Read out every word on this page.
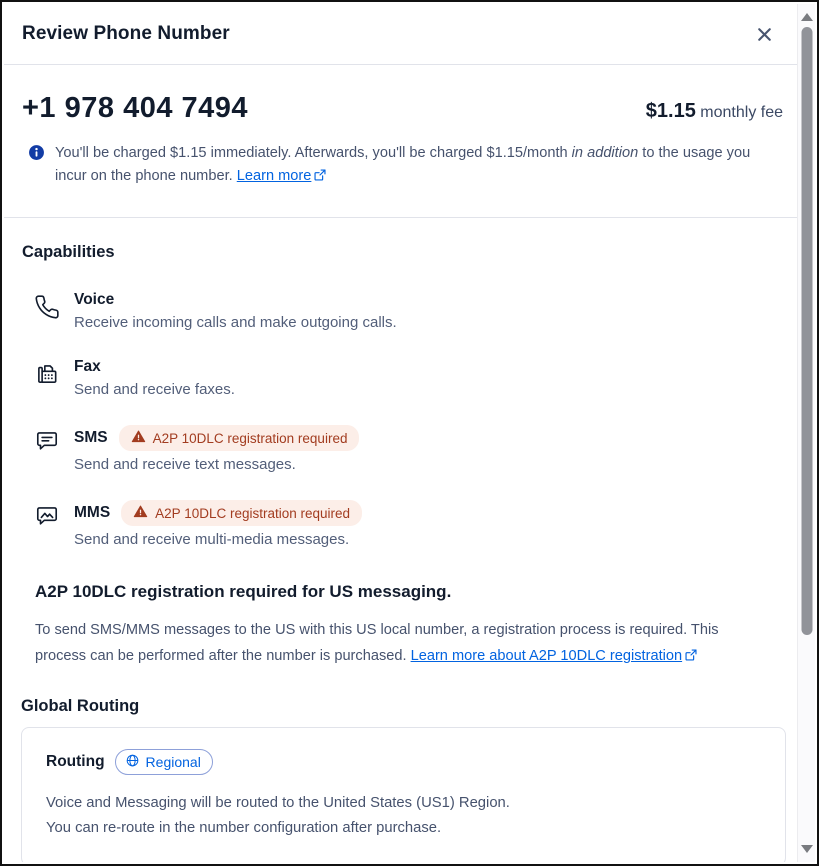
Review Phone Number
+1 978 404 7494	$1.15 monthly fee
You'll be charged $1.15 immediately. Afterwards, you'll be charged $1.15/month in addition to the usage you incur on the phone number. Learn more
Capabilities
Voice
Receive incoming calls and make outgoing calls.
Fax
Send and receive faxes.
SMS	A2P 10DLC registration required
Send and receive text messages.
MMS	A2P 10DLC registration required
Send and receive multi-media messages.
A2P 10DLC registration required for US messaging.
To send SMS/MMS messages to the US with this US local number, a registration process is required. This process can be performed after the number is purchased. Learn more about A2P 10DLC registration
Global Routing
Routing	Regional
Voice and Messaging will be routed to the United States (US1) Region.
You can re-route in the number configuration after purchase.
